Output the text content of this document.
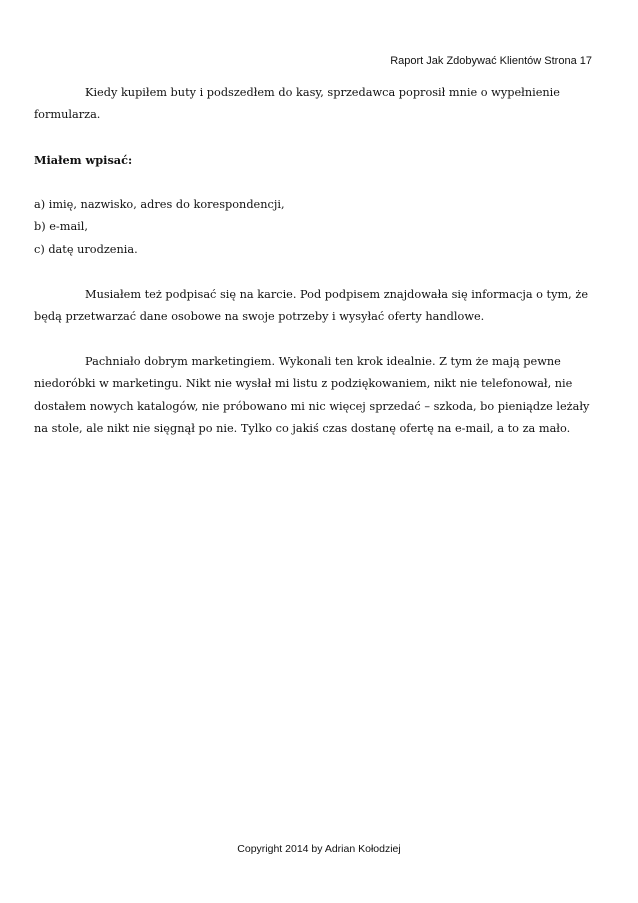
Raport Jak Zdobywać Klientów Strona 17

Kiedy kupiłem buty i podszedłem do kasy, sprzedawca poprosił mnie o wypełnienie formularza.

Miałem wpisać:

a) imię, nazwisko, adres do korespondencji,

b) e-mail,

c) datę urodzenia.

Musiałem też podpisać się na karcie. Pod podpisem znajdowała się informacja o tym, że będą przetwarzać dane osobowe na swoje potrzeby i wysyłać oferty handlowe.

Pachniało dobrym marketingiem. Wykonali ten krok idealnie. Z tym że mają pewne niedoróbki w marketingu. Nikt nie wysłał mi listu z podziękowaniem, nikt nie telefonował, nie dostałem nowych katalogów, nie próbowano mi nic więcej sprzedać – szkoda, bo pieniądze leżały na stole, ale nikt nie sięgnął po nie. Tylko co jakiś czas dostanę ofertę na e-mail, a to za mało.

Copyright 2014 by Adrian Kołodziej
